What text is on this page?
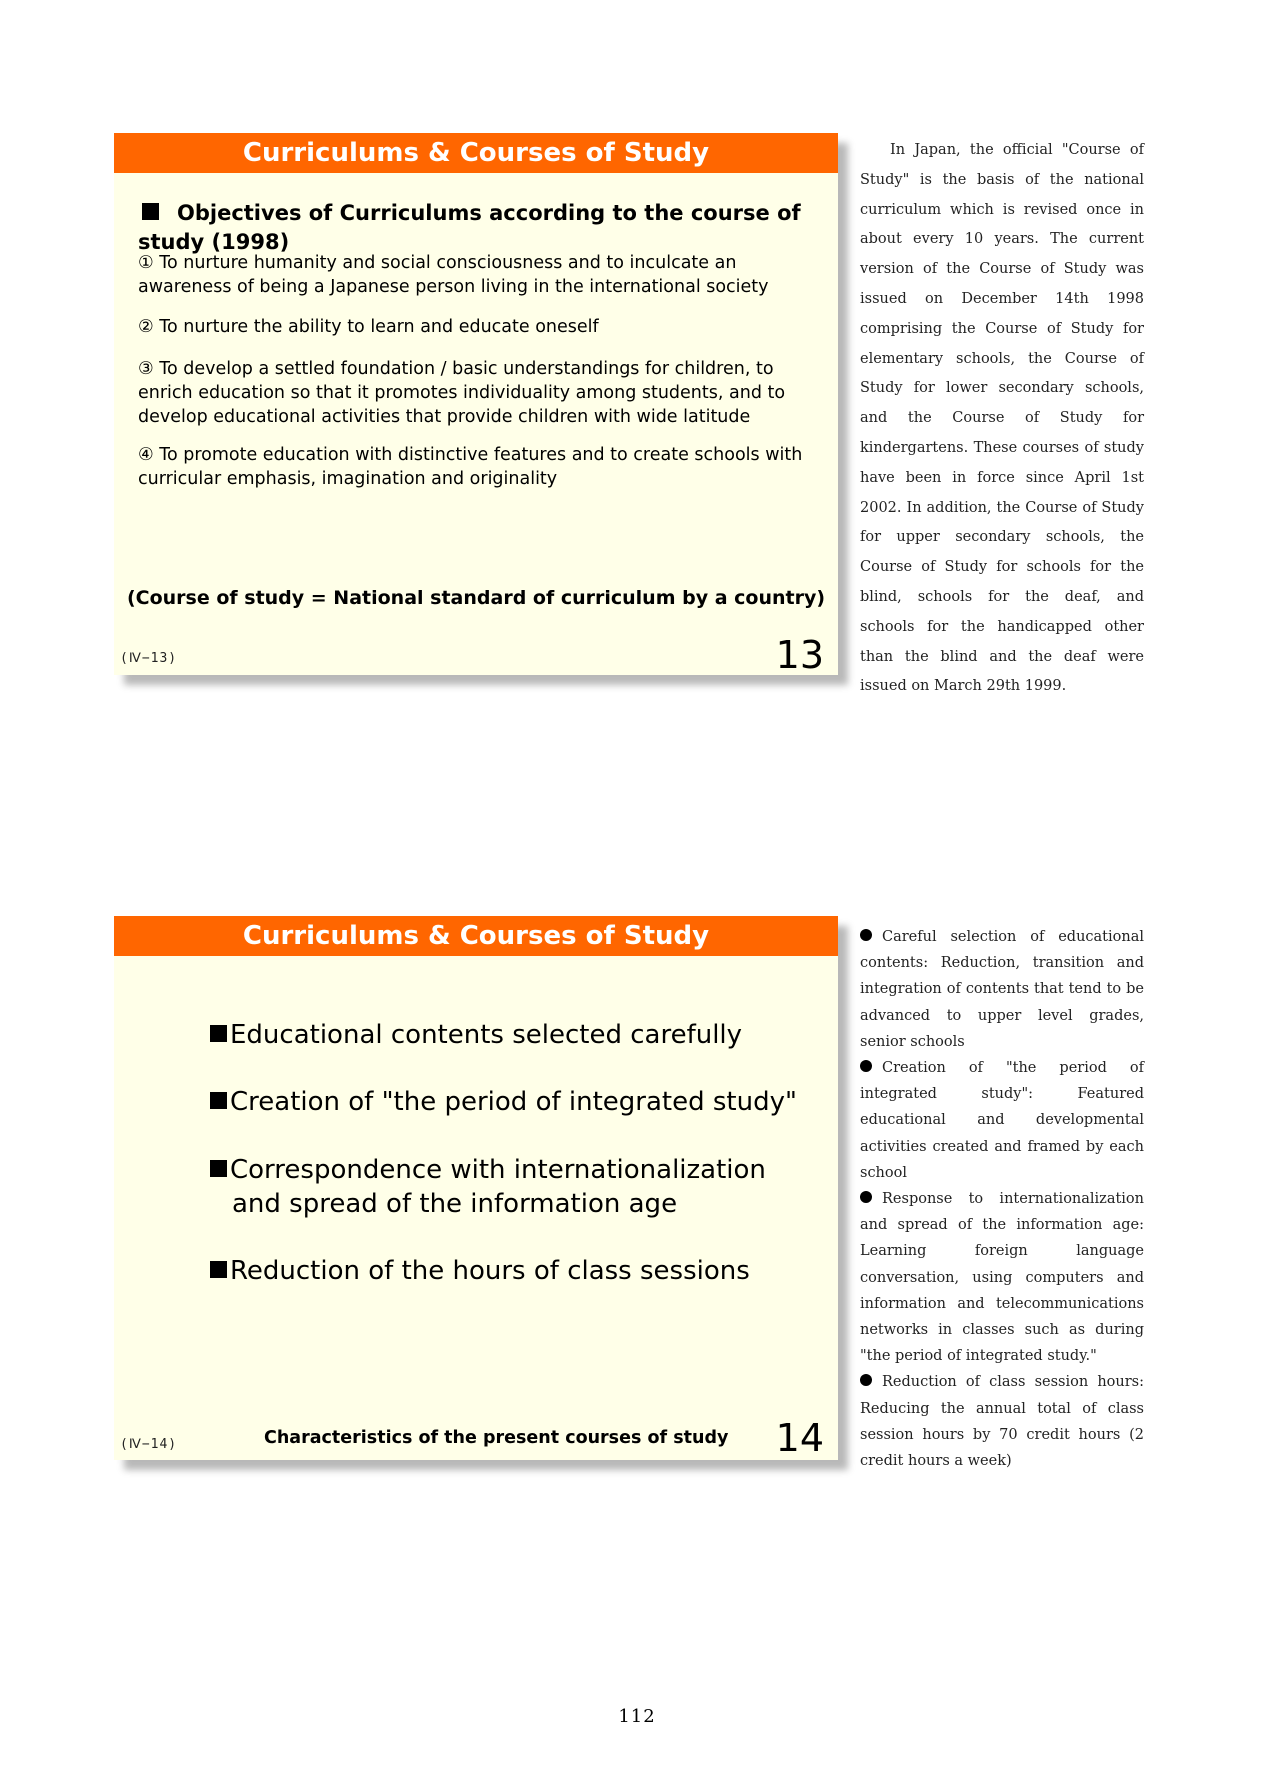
Curriculums & Courses of Study
Objectives of Curriculums according to the course of study (1998)
① To nurture humanity and social consciousness and to inculcate an awareness of being a Japanese person living in the international society
② To nurture the ability to learn and educate oneself
③ To develop a settled foundation / basic understandings for children, to enrich education so that it promotes individuality among students, and to develop educational activities that provide children with wide latitude
④ To promote education with distinctive features and to create schools with curricular emphasis, imagination and originality
(Course of study = National standard of curriculum by a country)
(Ⅳ−13)	13
In Japan, the official "Course of Study" is the basis of the national curriculum which is revised once in about every 10 years. The current version of the Course of Study was issued on December 14th 1998 comprising the Course of Study for elementary schools, the Course of Study for lower secondary schools, and the Course of Study for kindergartens. These courses of study have been in force since April 1st 2002. In addition, the Course of Study for upper secondary schools, the Course of Study for schools for the blind, schools for the deaf, and schools for the handicapped other than the blind and the deaf were issued on March 29th 1999.
Curriculums & Courses of Study
Educational contents selected carefully
Creation of "the period of integrated study"
Correspondence with internationalization
and spread of the information age
Reduction of the hours of class sessions
(Ⅳ−14)	Characteristics of the present courses of study 14

Careful selection of educational contents: Reduction, transition and integration of contents that tend to be advanced to upper level grades, senior schools

Creation of "the period of integrated study": Featured educational and developmental activities created and framed by each school

Response to internationalization and spread of the information age: Learning foreign language conversation, using computers and information and telecommunications networks in classes such as during "the period of integrated study."

Reduction of class session hours: Reducing the annual total of class session hours by 70 credit hours (2 credit hours a week)

112
